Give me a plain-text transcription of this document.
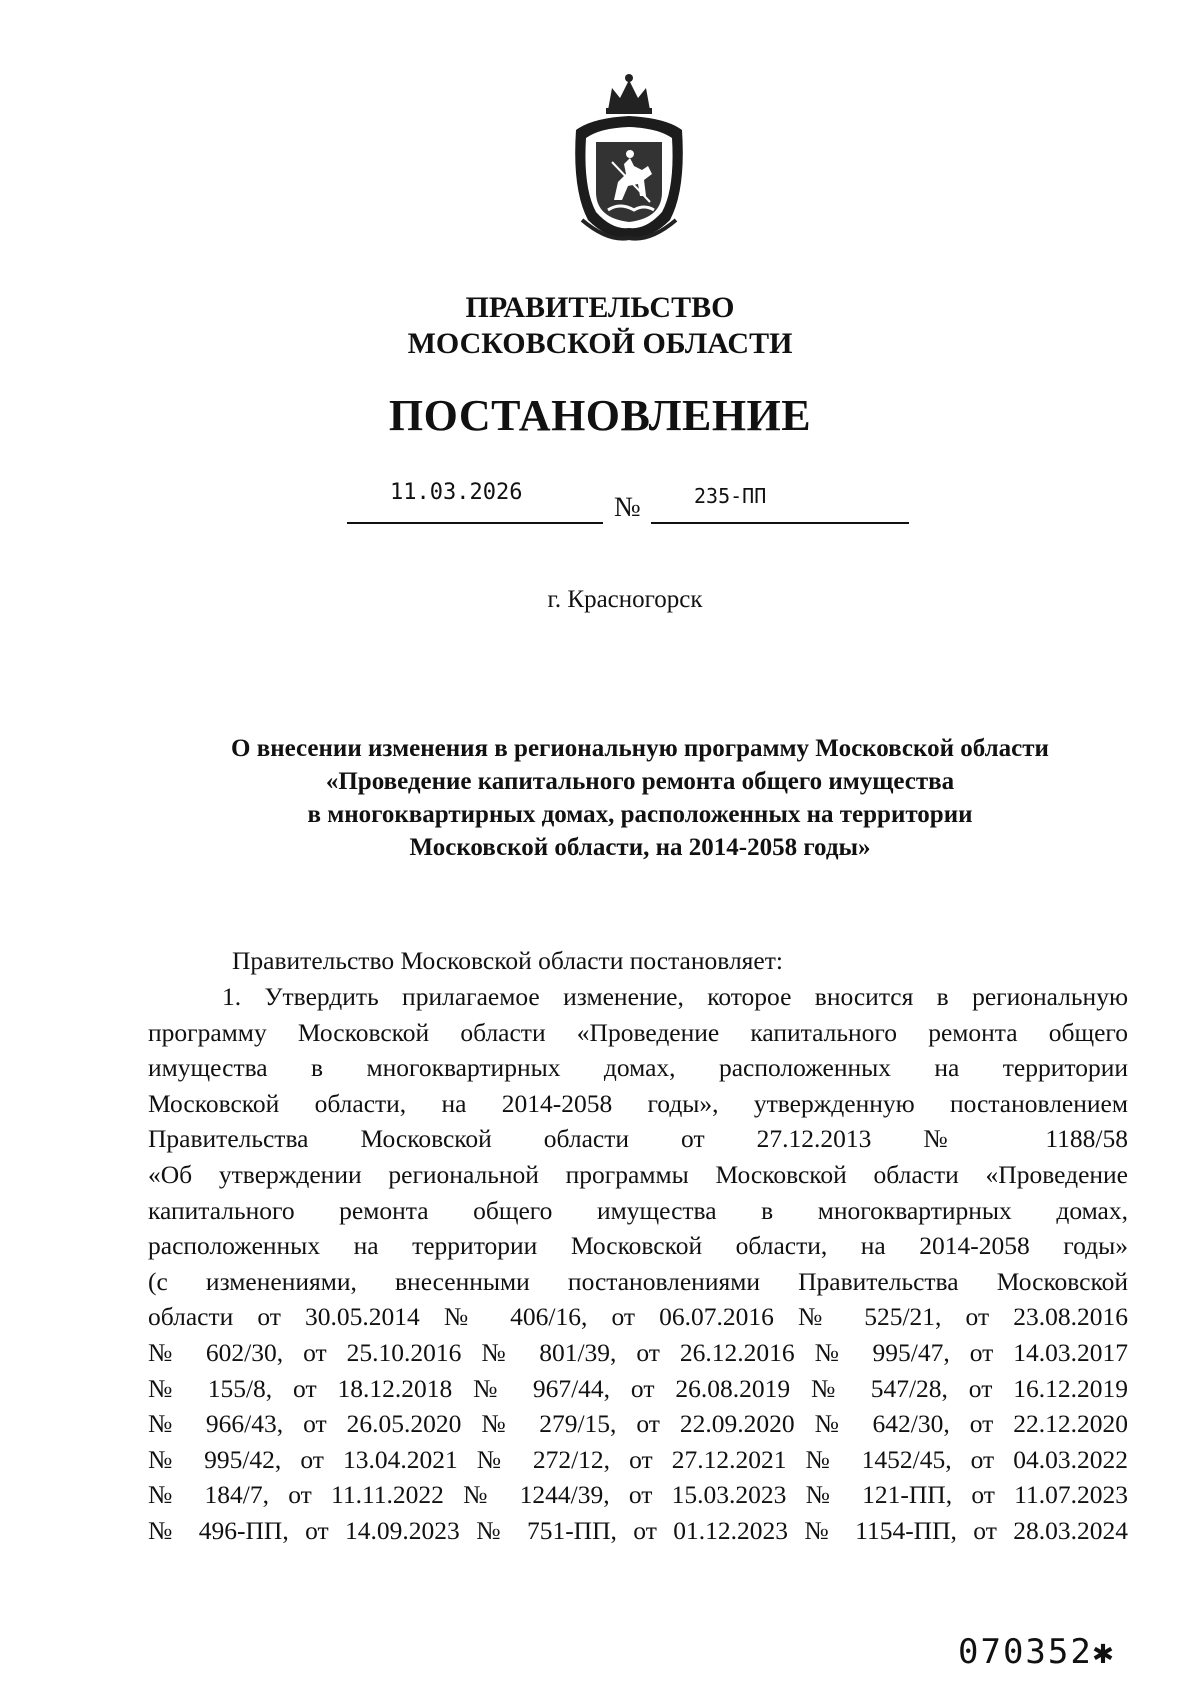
ПРАВИТЕЛЬСТВО
МОСКОВСКОЙ ОБЛАСТИ
ПОСТАНОВЛЕНИЕ
11.03.2026	№	235-ПП
г. Красногорск
О внесении изменения в региональную программу Московской области
«Проведение капитального ремонта общего имущества
в многоквартирных домах, расположенных на территории
Московской области, на 2014-2058 годы»
Правительство Московской области постановляет:
1. Утвердить прилагаемое изменение, которое вносится в региональную
программу Московской области «Проведение капитального ремонта общего
имущества в многоквартирных домах, расположенных на территории
Московской области, на 2014-2058 годы», утвержденную постановлением
Правительства Московской области от 27.12.2013 № 1188/58
«Об утверждении региональной программы Московской области «Проведение
капитального ремонта общего имущества в многоквартирных домах,
расположенных на территории Московской области, на 2014-2058 годы»
(с изменениями, внесенными постановлениями Правительства Московской
области от 30.05.2014 № 406/16, от 06.07.2016 № 525/21, от 23.08.2016
№ 602/30, от 25.10.2016 № 801/39, от 26.12.2016 № 995/47, от 14.03.2017
№ 155/8, от 18.12.2018 № 967/44, от 26.08.2019 № 547/28, от 16.12.2019
№ 966/43, от 26.05.2020 № 279/15, от 22.09.2020 № 642/30, от 22.12.2020
№ 995/42, от 13.04.2021 № 272/12, от 27.12.2021 № 1452/45, от 04.03.2022
№ 184/7, от 11.11.2022 № 1244/39, от 15.03.2023 № 121-ПП, от 11.07.2023
№ 496-ПП, от 14.09.2023 № 751-ПП, от 01.12.2023 № 1154-ПП, от 28.03.2024
070352✱
